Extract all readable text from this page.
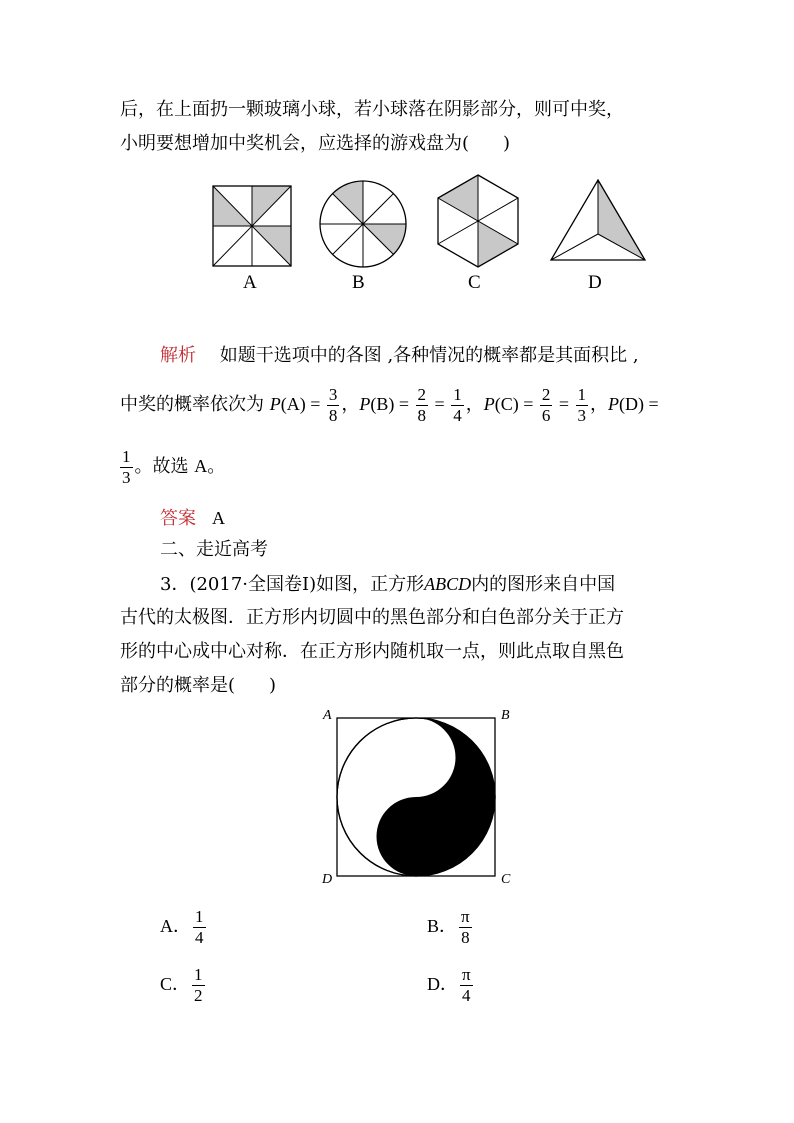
后，在上面扔一颗玻璃小球，若小球落在阴影部分，则可中奖，
小明要想增加中奖机会，应选择的游戏盘为( )
A	B	C	D
解析 如题干选项中的各图 ,各种情况的概率都是其面积比 ,
中奖的概率依次为 $P(A) = \frac{3}{8}$ ，$P(B) = \frac{2}{8} = \frac{1}{4}$ ，$P(C) = \frac{2}{6} = \frac{1}{3}$ ，P(D) =
$\frac{1}{3}$ 。故选 A。
答案 A
二、走近高考
3．(2017·全国卷Ⅰ)如图，正方形ABCD内的图形来自中国
古代的太极图．正方形内切圆中的黑色部分和白色部分关于正方
形的中心成中心对称．在正方形内随机取一点，则此点取自黑色
部分的概率是( )
A	B
C
D
A． $\frac{1}{4}$	B． $\frac{\pi}{8}$
C． $\frac{1}{2}$	D． $\frac{\pi}{4}$
